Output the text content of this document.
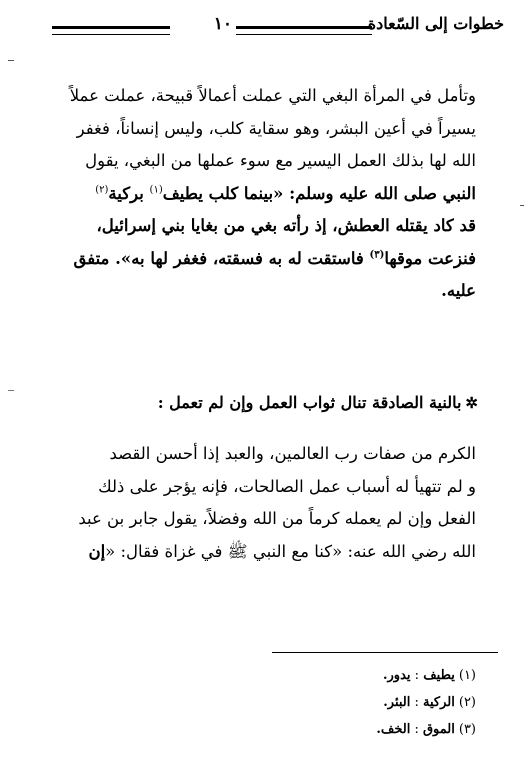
خطوات إلى السّعادة
١٠

وتأمل في المرأة البغي التي عملت أعمالاً قبيحة، عملت عملاً

يسيراً في أعين البشر، وهو سقاية كلب، وليس إنساناً، فغفر

الله لها بذلك العمل اليسير مع سوء عملها من البغي، يقول

النبي صلى الله عليه وسلم: «بينما كلب يطيف$^{(١)}$ بركية$^{(٢)}$

قد كاد يقتله العطش، إذ رأته بغي من بغايا بني إسرائيل،

فنزعت موقها$^{(٣)}$ فاستقت له به فسقته، فغفر لها به». متفق

عليه.

✲بالنية الصادقة تنال ثواب العمل وإن لم تعمل :

الكرم من صفات رب العالمين، والعبد إذا أحسن القصد

و لم تتهيأ له أسباب عمل الصالحات، فإنه يؤجر على ذلك

الفعل وإن لم يعمله كرماً من الله وفضلاً، يقول جابر بن عبد

الله رضي الله عنه: «كنا مع النبي ﷺ في غزاة فقال: «إن

(١)يطيف : يدور.
(٢)الركية : البئر.
(٣)الموق : الخف.
